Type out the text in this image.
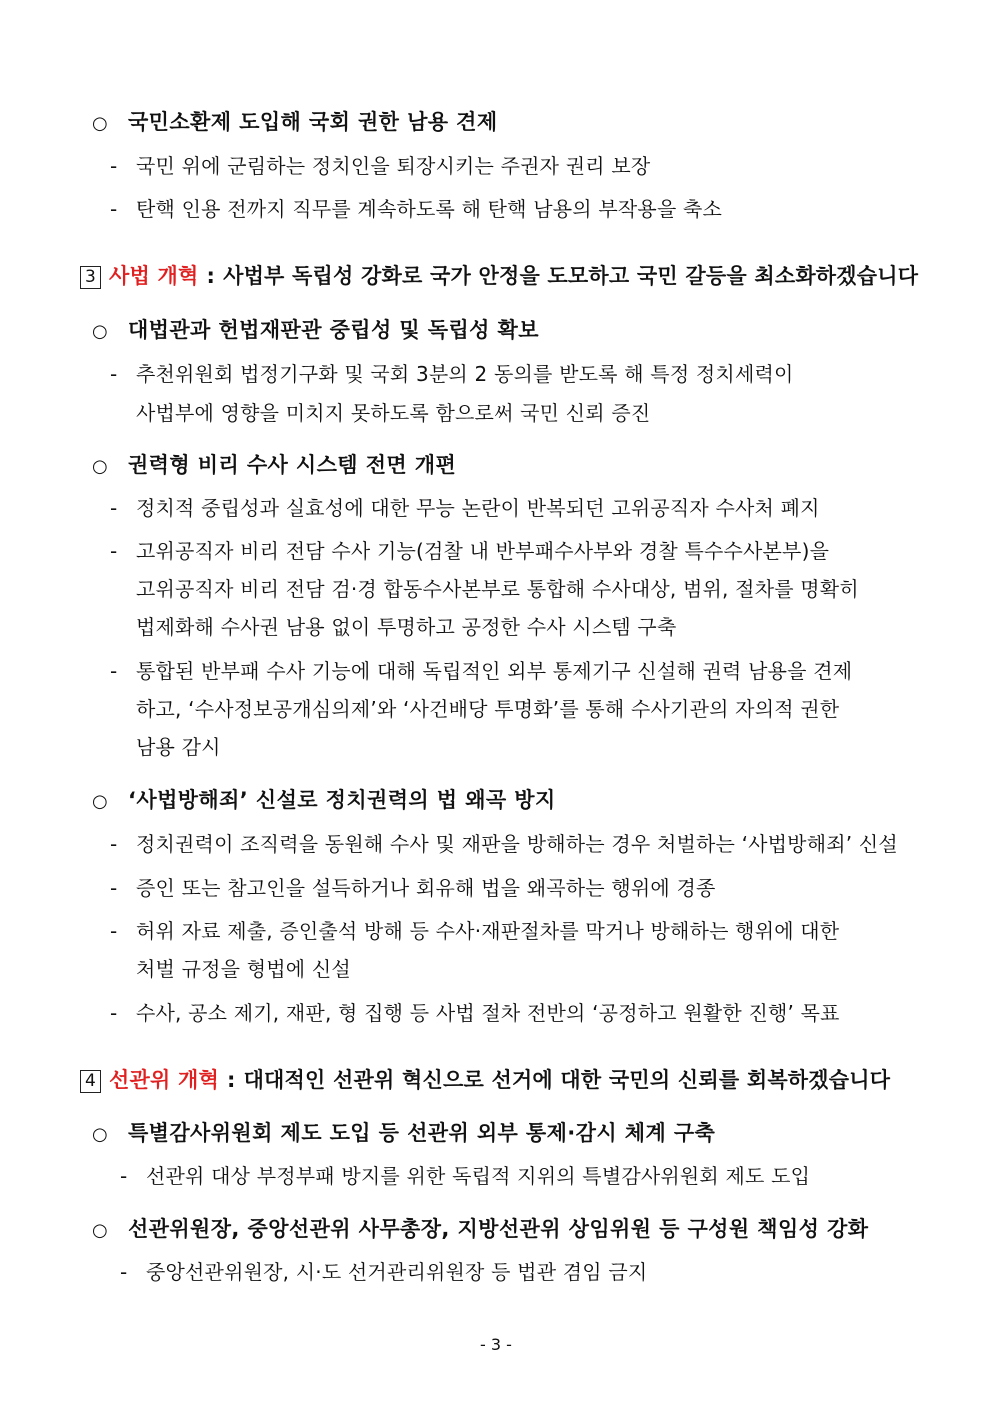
○ 국민소환제 도입해 국회 권한 남용 견제
- 국민 위에 군림하는 정치인을 퇴장시키는 주권자 권리 보장
- 탄핵 인용 전까지 직무를 계속하도록 해 탄핵 남용의 부작용을 축소
3 사법 개혁 : 사법부 독립성 강화로 국가 안정을 도모하고 국민 갈등을 최소화하겠습니다
○ 대법관과 헌법재판관 중립성 및 독립성 확보
- 추천위원회 법정기구화 및 국회 3분의 2 동의를 받도록 해 특정 정치세력이
사법부에 영향을 미치지 못하도록 함으로써 국민 신뢰 증진
○ 권력형 비리 수사 시스템 전면 개편
- 정치적 중립성과 실효성에 대한 무능 논란이 반복되던 고위공직자 수사처 폐지
- 고위공직자 비리 전담 수사 기능(검찰 내 반부패수사부와 경찰 특수수사본부)을
고위공직자 비리 전담 검·경 합동수사본부로 통합해 수사대상, 범위, 절차를 명확히
법제화해 수사권 남용 없이 투명하고 공정한 수사 시스템 구축
- 통합된 반부패 수사 기능에 대해 독립적인 외부 통제기구 신설해 권력 남용을 견제
하고, ‘수사정보공개심의제’와 ‘사건배당 투명화’를 통해 수사기관의 자의적 권한
남용 감시
○ ‘사법방해죄’ 신설로 정치권력의 법 왜곡 방지
- 정치권력이 조직력을 동원해 수사 및 재판을 방해하는 경우 처벌하는 ‘사법방해죄’ 신설
- 증인 또는 참고인을 설득하거나 회유해 법을 왜곡하는 행위에 경종
- 허위 자료 제출, 증인출석 방해 등 수사·재판절차를 막거나 방해하는 행위에 대한
처벌 규정을 형법에 신설
- 수사, 공소 제기, 재판, 형 집행 등 사법 절차 전반의 ‘공정하고 원활한 진행’ 목표
4 선관위 개혁 : 대대적인 선관위 혁신으로 선거에 대한 국민의 신뢰를 회복하겠습니다
○ 특별감사위원회 제도 도입 등 선관위 외부 통제·감시 체계 구축
- 선관위 대상 부정부패 방지를 위한 독립적 지위의 특별감사위원회 제도 도입
○ 선관위원장, 중앙선관위 사무총장, 지방선관위 상임위원 등 구성원 책임성 강화
- 중앙선관위원장, 시·도 선거관리위원장 등 법관 겸임 금지
- 3 -
